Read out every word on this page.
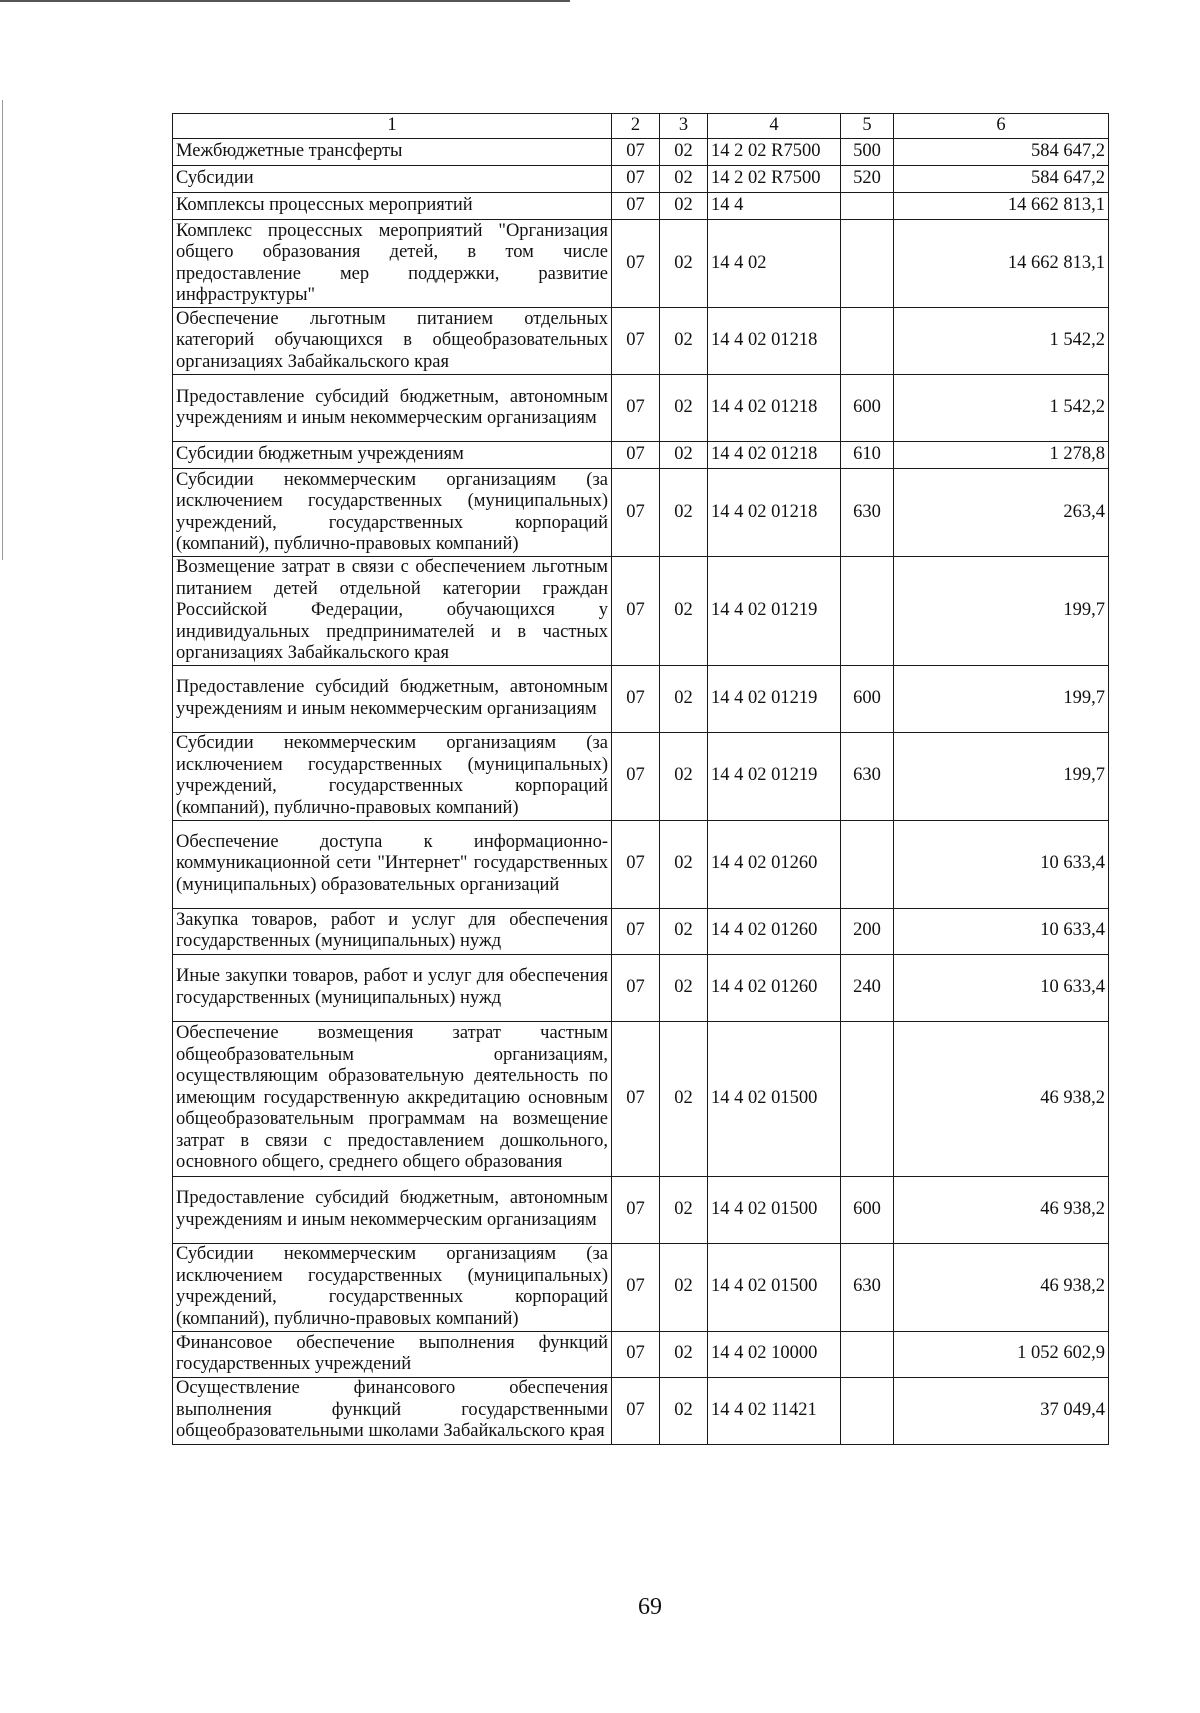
1	2	3	4	5	6
Межбюджетные трансферты	07	02	14 2 02 R7500	500	584 647,2
Субсидии	07	02	14 2 02 R7500	520	584 647,2
Комплексы процессных мероприятий	07	02	14 4		14 662 813,1
Комплекс процессных мероприятий "Организация общего образования детей, в том числе предоставление мер поддержки, развитие инфраструктуры"	07	02	14 4 02		14 662 813,1
Обеспечение льготным питанием отдельных категорий обучающихся в общеобразовательных организациях Забайкальского края	07	02	14 4 02 01218		1 542,2
Предоставление субсидий бюджетным, автономным учреждениям и иным некоммерческим организациям	07	02	14 4 02 01218	600	1 542,2
Субсидии бюджетным учреждениям	07	02	14 4 02 01218	610	1 278,8
Субсидии некоммерческим организациям (за исключением государственных (муниципальных) учреждений, государственных корпораций (компаний), публично-правовых компаний)	07	02	14 4 02 01218	630	263,4
Возмещение затрат в связи с обеспечением льготным питанием детей отдельной категории граждан Российской Федерации, обучающихся у индивидуальных предпринимателей и в частных организациях Забайкальского края	07	02	14 4 02 01219		199,7
Предоставление субсидий бюджетным, автономным учреждениям и иным некоммерческим организациям	07	02	14 4 02 01219	600	199,7
Субсидии некоммерческим организациям (за исключением государственных (муниципальных) учреждений, государственных корпораций (компаний), публично-правовых компаний)	07	02	14 4 02 01219	630	199,7
Обеспечение доступа к информационно-коммуникационной сети "Интернет" государственных (муниципальных) образовательных организаций	07	02	14 4 02 01260		10 633,4
Закупка товаров, работ и услуг для обеспечения государственных (муниципальных) нужд	07	02	14 4 02 01260	200	10 633,4
Иные закупки товаров, работ и услуг для обеспечения государственных (муниципальных) нужд	07	02	14 4 02 01260	240	10 633,4
Обеспечение возмещения затрат частным общеобразовательным организациям, осуществляющим образовательную деятельность по имеющим государственную аккредитацию основным общеобразовательным программам на возмещение затрат в связи с предоставлением дошкольного, основного общего, среднего общего образования	07	02	14 4 02 01500		46 938,2
Предоставление субсидий бюджетным, автономным учреждениям и иным некоммерческим организациям	07	02	14 4 02 01500	600	46 938,2
Субсидии некоммерческим организациям (за исключением государственных (муниципальных) учреждений, государственных корпораций (компаний), публично-правовых компаний)	07	02	14 4 02 01500	630	46 938,2
Финансовое обеспечение выполнения функций государственных учреждений	07	02	14 4 02 10000		1 052 602,9
Осуществление финансового обеспечения выполнения функций государственными общеобразовательными школами Забайкальского края	07	02	14 4 02 11421		37 049,4
69
